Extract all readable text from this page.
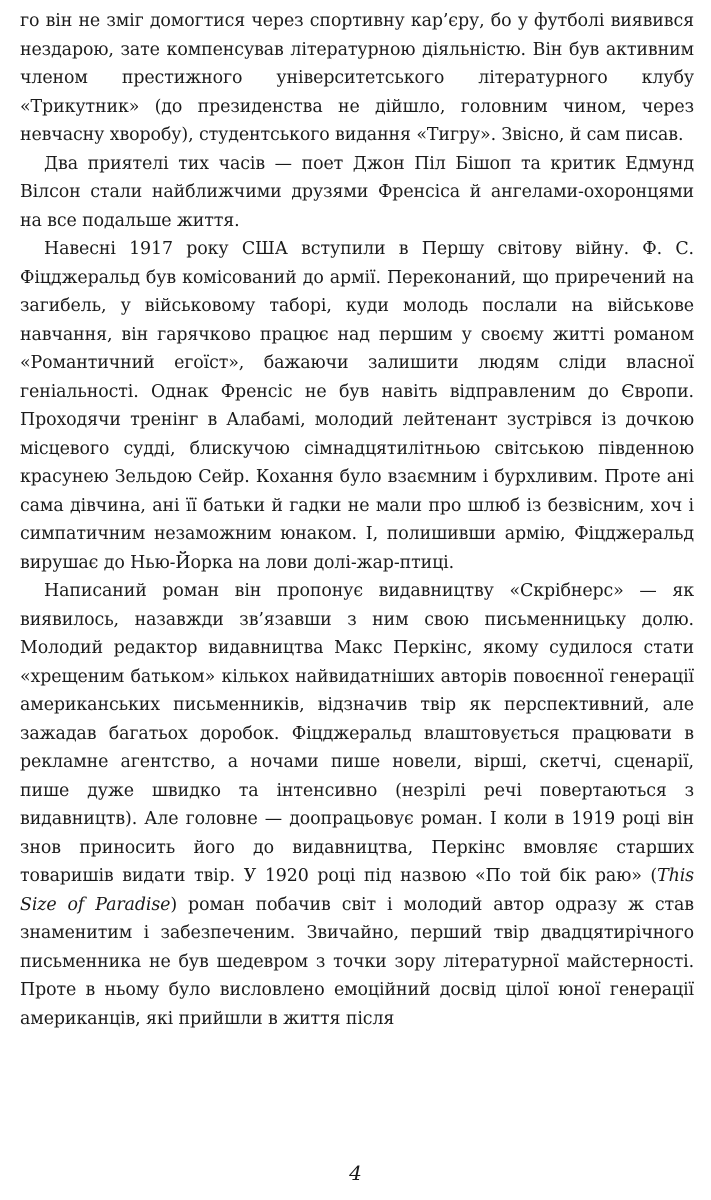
го він не зміг домогтися через спортивну кар’єру, бо у футболі виявився нездарою, зате компенсував літературною діяльністю. Він був активним членом престижного університетського літературного клубу «Трикутник» (до президенства не дійшло, головним чином, через невчасну хворобу), студентського видання «Тигру». Звісно, й сам писав.

Два приятелі тих часів — поет Джон Піл Бішоп та критик Едмунд Вілсон стали найближчими друзями Френсіса й ангелами-охоронцями на все подальше життя.

Навесні 1917 року США вступили в Першу світову війну. Ф. С. Фіцджеральд був комісований до армії. Переконаний, що приречений на загибель, у військовому таборі, куди молодь послали на військове навчання, він гарячково працює над першим у своєму житті романом «Романтичний егоїст», бажаючи залишити людям сліди власної геніальності. Однак Френсіс не був навіть відправленим до Європи. Проходячи тренінг в Алабамі, молодий лейтенант зустрівся із дочкою місцевого судді, блискучою сімнадцятилітньою світською південною красунею Зельдою Сейр. Кохання було взаємним і бурхливим. Проте ані сама дівчина, ані її батьки й гадки не мали про шлюб із безвісним, хоч і симпатичним незаможним юнаком. І, полишивши армію, Фіцджеральд вирушає до Нью-Йорка на лови долі-жар-птиці.

Написаний роман він пропонує видавництву «Скрібнерс» — як виявилось, назавжди зв’язавши з ним свою письменницьку долю. Молодий редактор видавництва Макс Перкінс, якому судилося стати «хрещеним батьком» кількох найвидатніших авторів повоєнної генерації американських письменників, відзначив твір як перспективний, але зажадав багатьох доробок. Фіцджеральд влаштовується працювати в рекламне агентство, а ночами пише новели, вірші, скетчі, сценарії, пише дуже швидко та інтенсивно (незрілі речі повертаються з видавництв). Але головне — доопрацьовує роман. І коли в 1919 році він знов приносить його до видавництва, Перкінс вмовляє старших товаришів видати твір. У 1920 році під назвою «По той бік раю» (This Size of Paradise) роман побачив світ і молодий автор одразу ж став знаменитим і забезпеченим. Звичайно, перший твір двадцятирічного письменника не був шедевром з точки зору літературної майстерності. Проте в ньому було висловлено емоційний досвід цілої юної генерації американців, які прийшли в життя після

4
